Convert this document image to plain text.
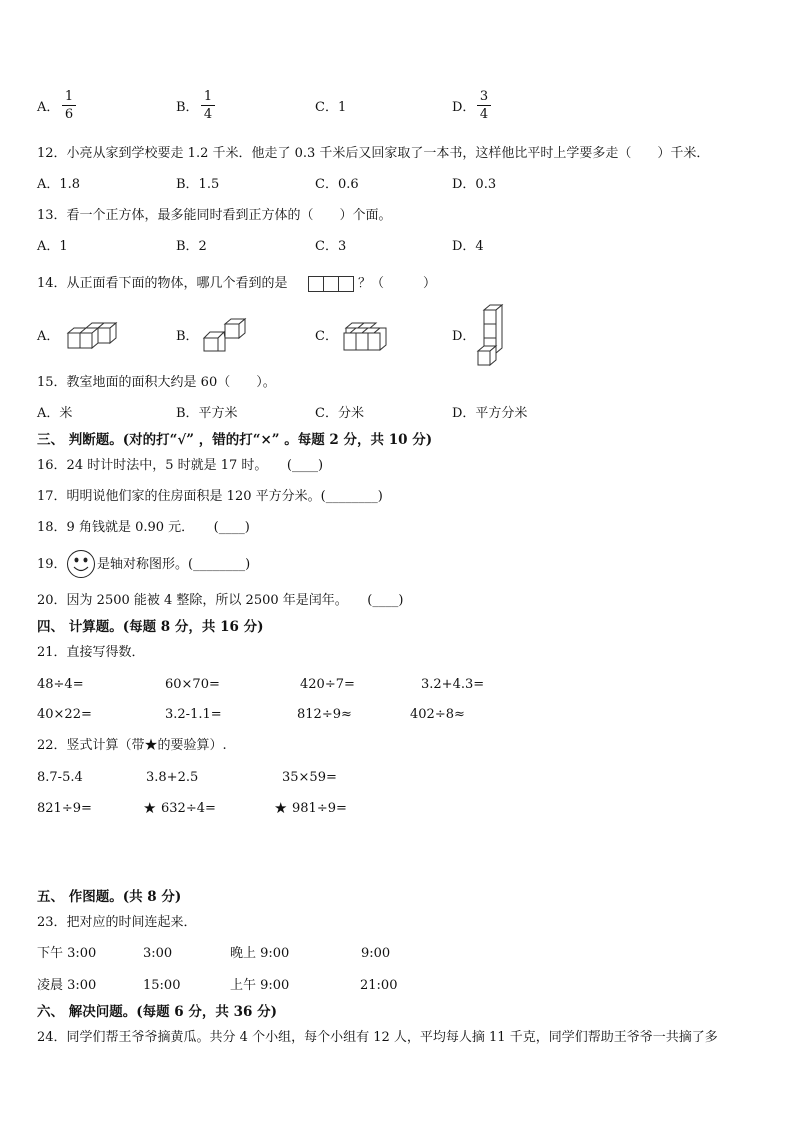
A．
1
6	B．
1
4	C． 1	D．
3
4
12．小亮从家到学校要走 1.2 千米．他走了 0.3 千米后又回家取了一本书，这样他比平时上学要多走（　　）千米．
A．1.8	B．1.5	C．0.6	D．0.3
13．看一个正方体，最多能同时看到正方体的（　　）个面。
A．1	B．2	C．3	D．4
14．从正面看下面的物体，哪几个看到的是	？（　　　）
A．	B．	C．	D．
15．教室地面的面积大约是 60（　　）。
A．米	B．平方米	C．分米	D．平方分米
三、 判断题。(对的打“√” ，错的打“×” 。每题 2 分，共 10 分)
16．24 时计时法中，5 时就是 17 时。　　(____)
17．明明说他们家的住房面积是 120 平方分米。(________)
18．9 角钱就是 0.90 元．　　(____)
19． 是轴对称图形。(________)
20．因为 2500 能被 4 整除，所以 2500 年是闰年。　　(____)
四、 计算题。(每题 8 分，共 16 分)
21．直接写得数．
48÷4=	60×70=	420÷7=	3.2+4.3=
40×22=	3.2-1.1=	812÷9≈	402÷8≈
22．竖式计算（带★的要验算）.
8.7-5.4	3.8+2.5	35×59=
821÷9=	★ 632÷4=	★ 981÷9=
五、 作图题。(共 8 分)
23．把对应的时间连起来．
下午 3:00	3:00	晚上 9:00	9:00
凌晨 3:00	15:00	上午 9:00	21:00
六、 解决问题。(每题 6 分，共 36 分)
24．同学们帮王爷爷摘黄瓜。共分 4 个小组，每个小组有 12 人，平均每人摘 11 千克，同学们帮助王爷爷一共摘了多
